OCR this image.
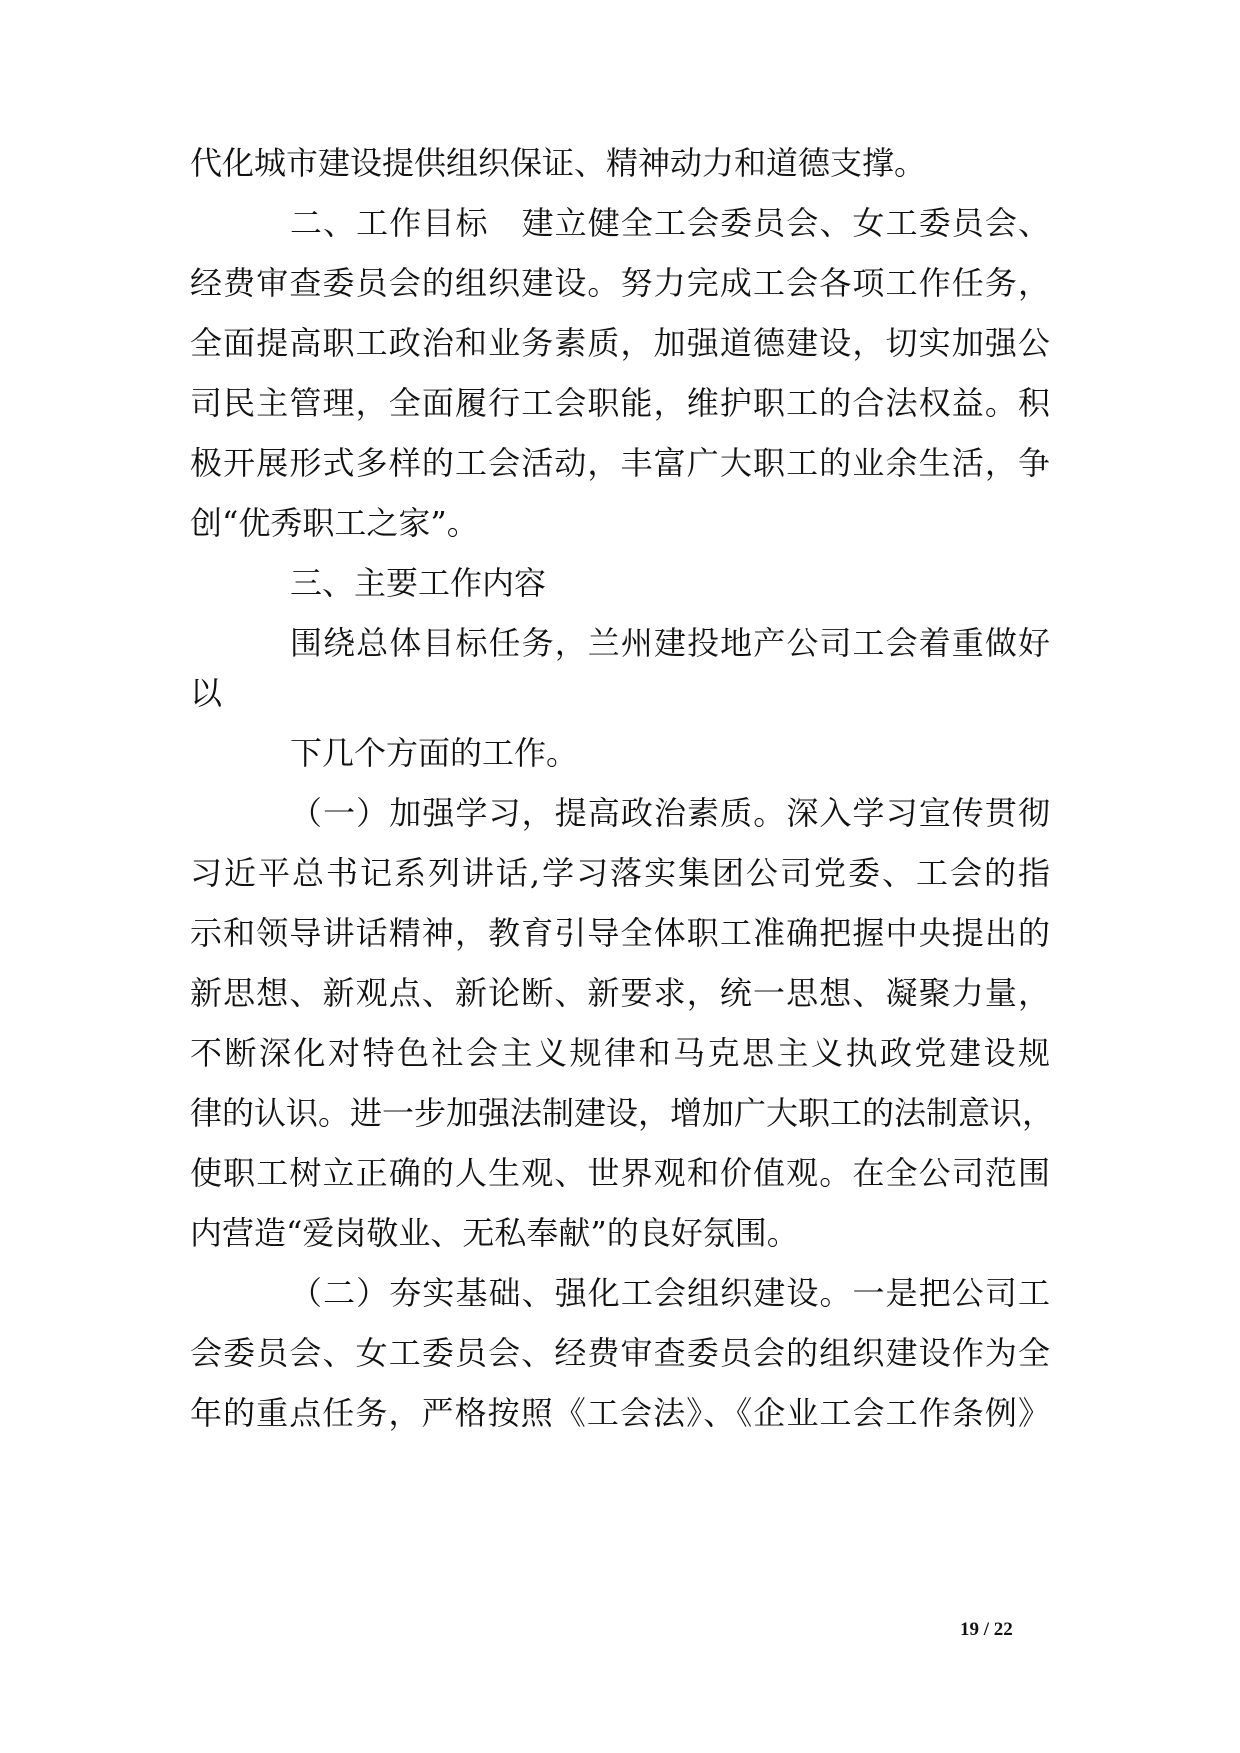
代化城市建设提供组织保证、精神动力和道德支撑。
二、工作目标　建立健全工会委员会、女工委员会、
经费审查委员会的组织建设。努力完成工会各项工作任务，
全面提高职工政治和业务素质，加强道德建设，切实加强公
司民主管理，全面履行工会职能，维护职工的合法权益。积
极开展形式多样的工会活动，丰富广大职工的业余生活，争
创“优秀职工之家”。
三、主要工作内容
围绕总体目标任务，兰州建投地产公司工会着重做好
以
下几个方面的工作。
（一）加强学习，提高政治素质。深入学习宣传贯彻
习近平总书记系列讲话,学习落实集团公司党委、工会的指
示和领导讲话精神，教育引导全体职工准确把握中央提出的
新思想、新观点、新论断、新要求，统一思想、凝聚力量，
不断深化对特色社会主义规律和马克思主义执政党建设规
律的认识。进一步加强法制建设，增加广大职工的法制意识，
使职工树立正确的人生观、世界观和价值观。在全公司范围
内营造“爱岗敬业、无私奉献”的良好氛围。
（二）夯实基础、强化工会组织建设。一是把公司工
会委员会、女工委员会、经费审查委员会的组织建设作为全
年的重点任务，严格按照《工会法》、《企业工会工作条例》
19 / 22
